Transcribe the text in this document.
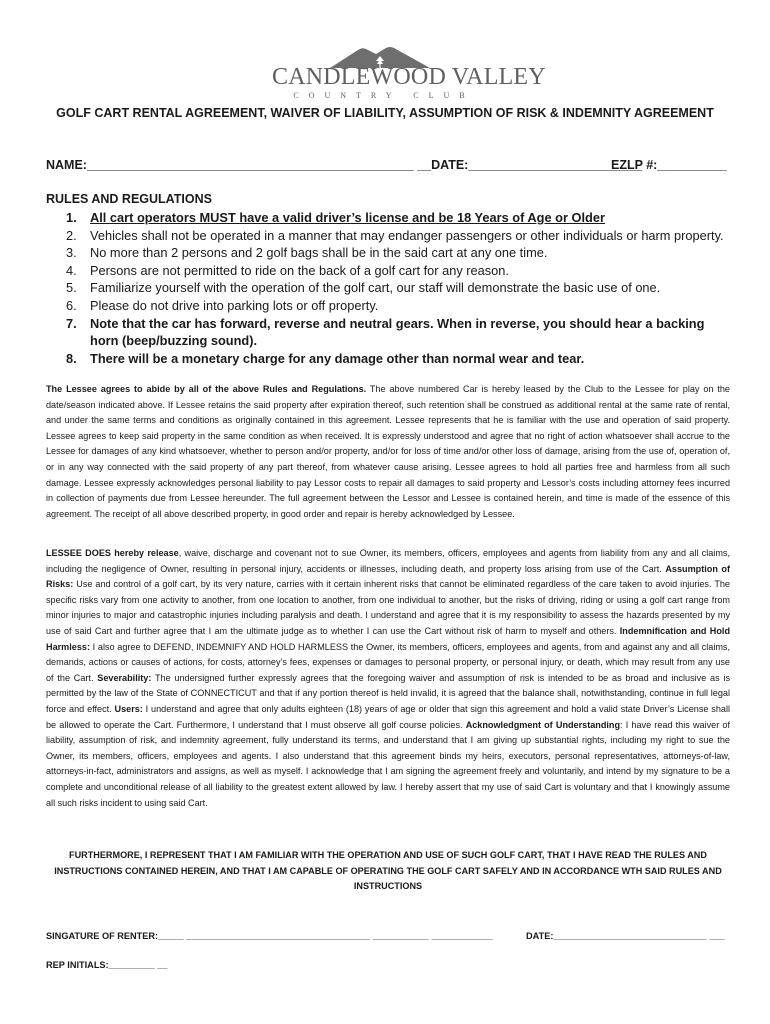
CANDLEWOOD VALLEY
COUNTRY CLUB
GOLF CART RENTAL AGREEMENT, WAIVER OF LIABILITY, ASSUMPTION OF RISK & INDEMNITY AGREEMENT
NAME:_______________________________________________ __DATE:_________________________
EZLP #:__________
RULES AND REGULATIONS
1. All cart operators MUST have a valid driver’s license and be 18 Years of Age or Older
2. Vehicles shall not be operated in a manner that may endanger passengers or other individuals or harm property.
3. No more than 2 persons and 2 golf bags shall be in the said cart at any one time.
4. Persons are not permitted to ride on the back of a golf cart for any reason.
5. Familiarize yourself with the operation of the golf cart, our staff will demonstrate the basic use of one.
6. Please do not drive into parking lots or off property.
7. Note that the car has forward, reverse and neutral gears. When in reverse, you should hear a backing horn (beep/buzzing sound).
8. There will be a monetary charge for any damage other than normal wear and tear.

The Lessee agrees to abide by all of the above Rules and Regulations. The above numbered Car is hereby leased by the Club to the Lessee for play on the date/season indicated above. If Lessee retains the said property after expiration thereof, such retention shall be construed as additional rental at the same rate of rental, and under the same terms and conditions as originally contained in this agreement. Lessee represents that he is familiar with the use and operation of said property. Lessee agrees to keep said property in the same condition as when received. It is expressly understood and agree that no right of action whatsoever shall accrue to the Lessee for damages of any kind whatsoever, whether to person and/or property, and/or for loss of time and/or other loss of damage, arising from the use of, operation of, or in any way connected with the said property of any part thereof, from whatever cause arising. Lessee agrees to hold all parties free and harmless from all such damage. Lessee expressly acknowledges personal liability to pay Lessor costs to repair all damages to said property and Lessor’s costs including attorney fees incurred in collection of payments due from Lessee hereunder. The full agreement between the Lessor and Lessee is contained herein, and time is made of the essence of this agreement. The receipt of all above described property, in good order and repair is hereby acknowledged by Lessee.

LESSEE DOES hereby release, waive, discharge and covenant not to sue Owner, its members, officers, employees and agents from liability from any and all claims, including the negligence of Owner, resulting in personal injury, accidents or illnesses, including death, and property loss arising from use of the Cart. Assumption of Risks: Use and control of a golf cart, by its very nature, carries with it certain inherent risks that cannot be eliminated regardless of the care taken to avoid injuries. The specific risks vary from one activity to another, from one location to another, from one individual to another, but the risks of driving, riding or using a golf cart range from minor injuries to major and catastrophic injuries including paralysis and death. I understand and agree that it is my responsibility to assess the hazards presented by my use of said Cart and further agree that I am the ultimate judge as to whether I can use the Cart without risk of harm to myself and others. Indemnification and Hold Harmless: I also agree to DEFEND, INDEMNIFY AND HOLD HARMLESS the Owner, its members, officers, employees and agents, from and against any and all claims, demands, actions or causes of actions, for costs, attorney’s fees, expenses or damages to personal property, or personal injury, or death, which may result from any use of the Cart. Severability: The undersigned further expressly agrees that the foregoing waiver and assumption of risk is intended to be as broad and inclusive as is permitted by the law of the State of CONNECTICUT and that if any portion thereof is held invalid, it is agreed that the balance shall, notwithstanding, continue in full legal force and effect. Users: I understand and agree that only adults eighteen (18) years of age or older that sign this agreement and hold a valid state Driver’s License shall be allowed to operate the Cart. Furthermore, I understand that I must observe all golf course policies. Acknowledgment of Understanding: I have read this waiver of liability, assumption of risk, and indemnity agreement, fully understand its terms, and understand that I am giving up substantial rights, including my right to sue the Owner, its members, officers, employees and agents. I also understand that this agreement binds my heirs, executors, personal representatives, attorneys-of-law, attorneys-in-fact, administrators and assigns, as well as myself. I acknowledge that I am signing the agreement freely and voluntarily, and intend by my signature to be a complete and unconditional release of all liability to the greatest extent allowed by law. I hereby assert that my use of said Cart is voluntary and that I knowingly assume all such risks incident to using said Cart.

FURTHERMORE, I REPRESENT THAT I AM FAMILIAR WITH THE OPERATION AND USE OF SUCH GOLF CART, THAT I HAVE READ THE RULES AND INSTRUCTIONS CONTAINED HEREIN, AND THAT I AM CAPABLE OF OPERATING THE GOLF CART SAFELY AND IN ACCORDANCE WTH SAID RULES AND INSTRUCTIONS
SINGATURE OF RENTER:_____ ____________________________________ ___________ ____________	DATE:______________________________ ___
REP INITIALS:_________ __
